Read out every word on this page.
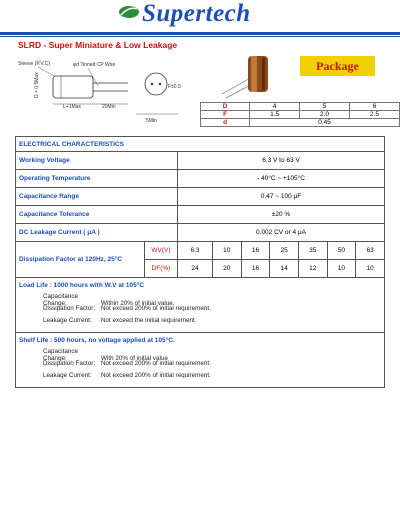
Supertech
SLRD - Super Miniature & Low Leakage
Sleeve (P.V.C)	φd Tinned CP Wire
D + 0.5Max
L+1Max	20Min
F±0.5
5Min
Package
D	4	5	6
F	1.5	2.0	2.5
d	0.45		
ELECTRICAL CHARACTERISTICS								
Working Voltage		6.3 V to 63 V						
Operating Temperature		- 40°C ~ +105°C						
Capacitance Range		0.47 ~ 100 μF						
Capacitance Tolerance		±20 %						
DC Leakage Current ( μA )		0.002 CV or 4 μA						
Dissipation Factor at 120Hz, 25°C	WV(V)	6.3	10	16	25	35	50	63
	DF(%)	24	20	16	14	12	10	10

Load Life : 1000 hours with W.V at 105°C
Capacitance Change: Within 20% of initial value.
Dissipation Factor: Not exceed 200% of initial requirement.
Leakage Current: Not exceed the initial requirement.								

Shelf Life : 500 hours, no voltage applied at 105°C.
Capacitance Change: With 20% of initial value
Dissipation Factor: Not exceed 200% of initial requirement.
Leakage Current: Not exceed 200% of initial requirement.								
